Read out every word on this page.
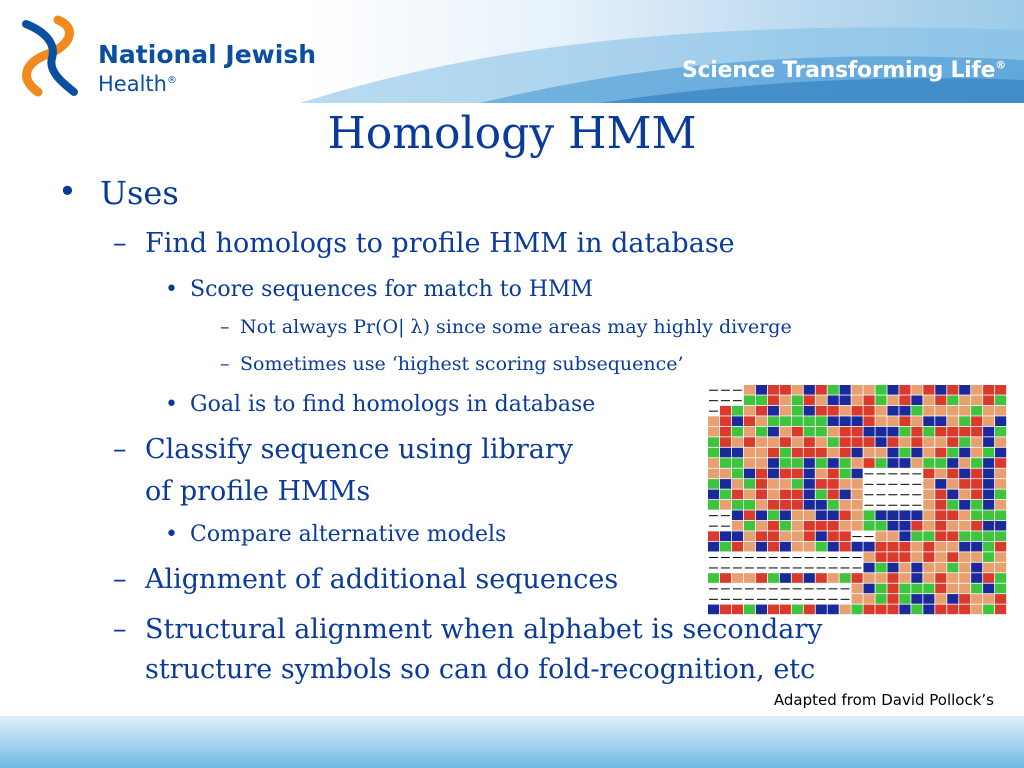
National Jewish
Health®	Science Transforming Life®
Homology HMM
• Uses
– Find homologs to profile HMM in database
• Score sequences for match to HMM
– Not always Pr(O| λ) since some areas may highly diverge
– Sometimes use ‘highest scoring subsequence’
• Goal is to find homologs in database
– Classify sequence using library
of profile HMMs
• Compare alternative models
– Alignment of additional sequences
– Structural alignment when alphabet is secondary
structure symbols so can do fold-recognition, etc
Adapted from David Pollock’s
